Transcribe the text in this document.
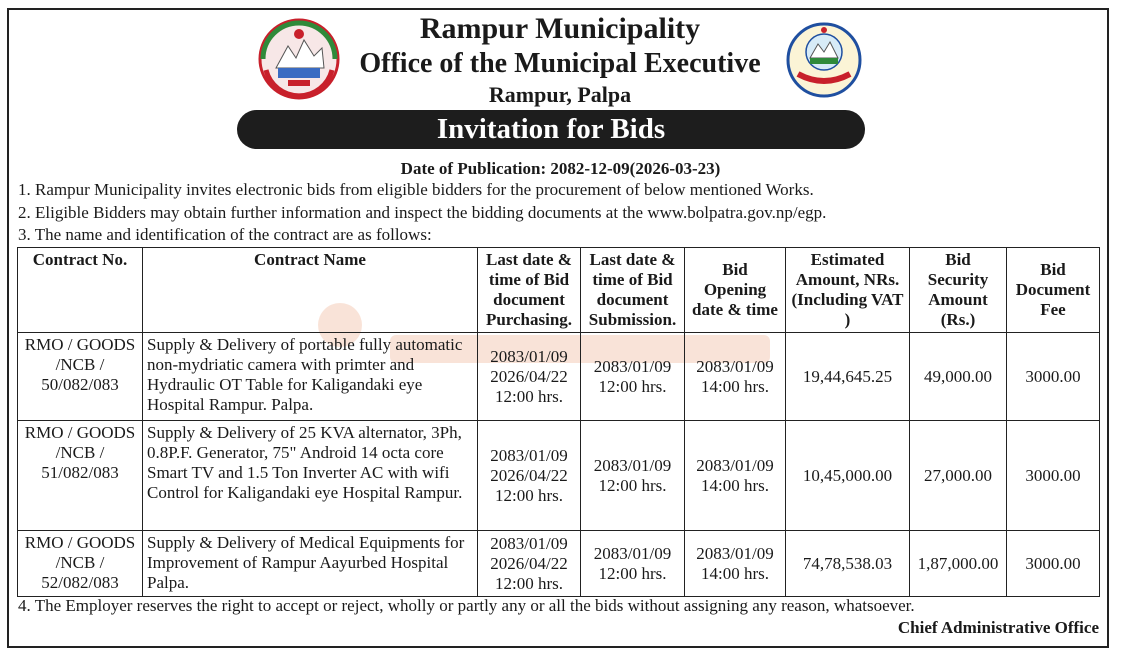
Rampur Municipality
Office of the Municipal Executive
Rampur, Palpa
Invitation for Bids
Date of Publication: 2082-12-09(2026-03-23)
1. Rampur Municipality invites electronic bids from eligible bidders for the procurement of below mentioned Works.
2. Eligible Bidders may obtain further information and inspect the bidding documents at the www.bolpatra.gov.np/egp.
3. The name and identification of the contract are as follows:
Contract No.	Contract Name	Last date & time of Bid document Purchasing.	Last date & time of Bid document Submission.	Bid Opening date & time	Estimated Amount, NRs. (Including VAT )	Bid Security Amount (Rs.)	Bid Document Fee
RMO / GOODS /NCB / 50/082/083	Supply & Delivery of portable fully automatic non-mydriatic camera with primter and Hydraulic OT Table for Kaligandaki eye Hospital Rampur. Palpa.	2083/01/09 2026/04/22 12:00 hrs.	2083/01/09 12:00 hrs.	2083/01/09 14:00 hrs.	19,44,645.25	49,000.00	3000.00
RMO / GOODS /NCB / 51/082/083	Supply & Delivery of 25 KVA alternator, 3Ph, 0.8P.F. Generator, 75" Android 14 octa core Smart TV and 1.5 Ton Inverter AC with wifi Control for Kaligandaki eye Hospital Rampur.	2083/01/09 2026/04/22 12:00 hrs.	2083/01/09 12:00 hrs.	2083/01/09 14:00 hrs.	10,45,000.00	27,000.00	3000.00
RMO / GOODS /NCB / 52/082/083	Supply & Delivery of Medical Equipments for Improvement of Rampur Aayurbed Hospital Palpa.	2083/01/09 2026/04/22 12:00 hrs.	2083/01/09 12:00 hrs.	2083/01/09 14:00 hrs.	74,78,538.03	1,87,000.00	3000.00
4. The Employer reserves the right to accept or reject, wholly or partly any or all the bids without assigning any reason, whatsoever.
Chief Administrative Office
